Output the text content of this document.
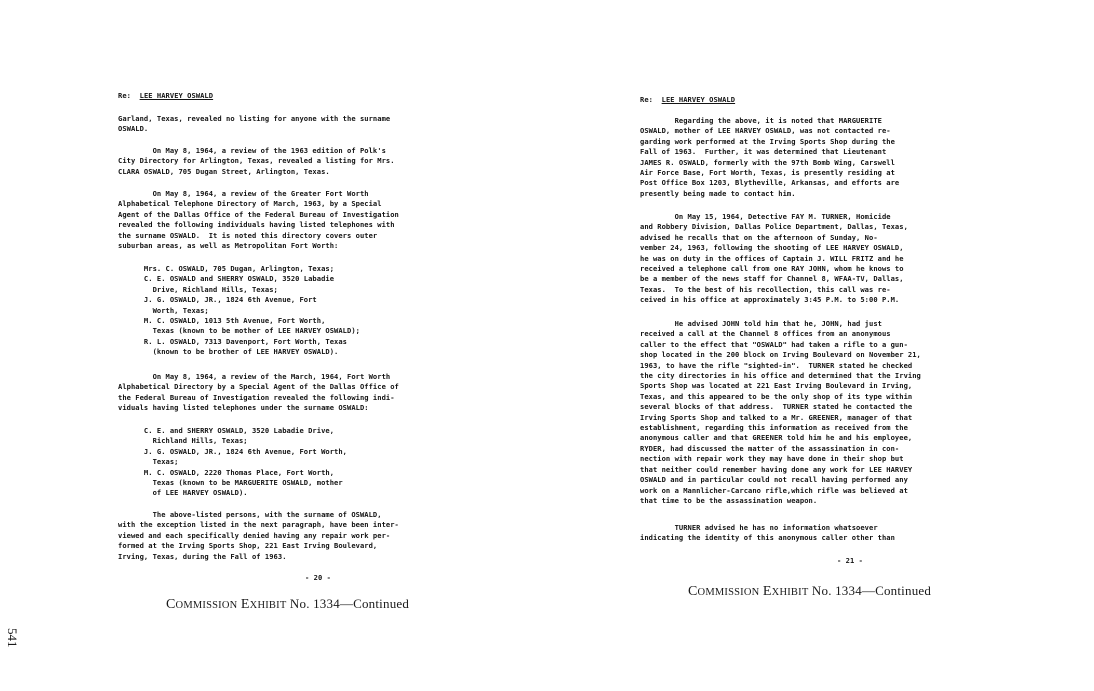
Re: LEE HARVEY OSWALD

Garland, Texas, revealed no listing for anyone with the surname
OSWALD.

On May 8, 1964, a review of the 1963 edition of Polk's
City Directory for Arlington, Texas, revealed a listing for Mrs.
CLARA OSWALD, 705 Dugan Street, Arlington, Texas.

On May 8, 1964, a review of the Greater Fort Worth
Alphabetical Telephone Directory of March, 1963, by a Special
Agent of the Dallas Office of the Federal Bureau of Investigation
revealed the following individuals having listed telephones with
the surname OSWALD.  It is noted this directory covers outer
suburban areas, as well as Metropolitan Fort Worth:

Mrs. C. OSWALD, 705 Dugan, Arlington, Texas;
C. E. OSWALD and SHERRY OSWALD, 3520 Labadie
Drive, Richland Hills, Texas;
J. G. OSWALD, JR., 1824 6th Avenue, Fort
Worth, Texas;
M. C. OSWALD, 1013 5th Avenue, Fort Worth,
Texas (known to be mother of LEE HARVEY OSWALD);
R. L. OSWALD, 7313 Davenport, Fort Worth, Texas
(known to be brother of LEE HARVEY OSWALD).

On May 8, 1964, a review of the March, 1964, Fort Worth
Alphabetical Directory by a Special Agent of the Dallas Office of
the Federal Bureau of Investigation revealed the following indi-
viduals having listed telephones under the surname OSWALD:

C. E. and SHERRY OSWALD, 3520 Labadie Drive,
Richland Hills, Texas;
J. G. OSWALD, JR., 1824 6th Avenue, Fort Worth,
Texas;
M. C. OSWALD, 2220 Thomas Place, Fort Worth,
Texas (known to be MARGUERITE OSWALD, mother
of LEE HARVEY OSWALD).

The above-listed persons, with the surname of OSWALD,
with the exception listed in the next paragraph, have been inter-
viewed and each specifically denied having any repair work per-
formed at the Irving Sports Shop, 221 East Irving Boulevard,
Irving, Texas, during the Fall of 1963.

- 20 -

COMMISSION EXHIBIT No. 1334—Continued

Re: LEE HARVEY OSWALD

Regarding the above, it is noted that MARGUERITE
OSWALD, mother of LEE HARVEY OSWALD, was not contacted re-
garding work performed at the Irving Sports Shop during the
Fall of 1963.  Further, it was determined that Lieutenant
JAMES R. OSWALD, formerly with the 97th Bomb Wing, Carswell
Air Force Base, Fort Worth, Texas, is presently residing at
Post Office Box 1203, Blytheville, Arkansas, and efforts are
presently being made to contact him.

On May 15, 1964, Detective FAY M. TURNER, Homicide
and Robbery Division, Dallas Police Department, Dallas, Texas,
advised he recalls that on the afternoon of Sunday, No-
vember 24, 1963, following the shooting of LEE HARVEY OSWALD,
he was on duty in the offices of Captain J. WILL FRITZ and he
received a telephone call from one RAY JOHN, whom he knows to
be a member of the news staff for Channel 8, WFAA-TV, Dallas,
Texas.  To the best of his recollection, this call was re-
ceived in his office at approximately 3:45 P.M. to 5:00 P.M.

He advised JOHN told him that he, JOHN, had just
received a call at the Channel 8 offices from an anonymous
caller to the effect that "OSWALD" had taken a rifle to a gun-
shop located in the 200 block on Irving Boulevard on November 21,
1963, to have the rifle "sighted-in".  TURNER stated he checked
the city directories in his office and determined that the Irving
Sports Shop was located at 221 East Irving Boulevard in Irving,
Texas, and this appeared to be the only shop of its type within
several blocks of that address.  TURNER stated he contacted the
Irving Sports Shop and talked to a Mr. GREENER, manager of that
establishment, regarding this information as received from the
anonymous caller and that GREENER told him he and his employee,
RYDER, had discussed the matter of the assassination in con-
nection with repair work they may have done in their shop but
that neither could remember having done any work for LEE HARVEY
OSWALD and in particular could not recall having performed any
work on a Mannlicher-Carcano rifle,which rifle was believed at
that time to be the assassination weapon.

TURNER advised he has no information whatsoever
indicating the identity of this anonymous caller other than

- 21 -

COMMISSION EXHIBIT No. 1334—Continued
541
